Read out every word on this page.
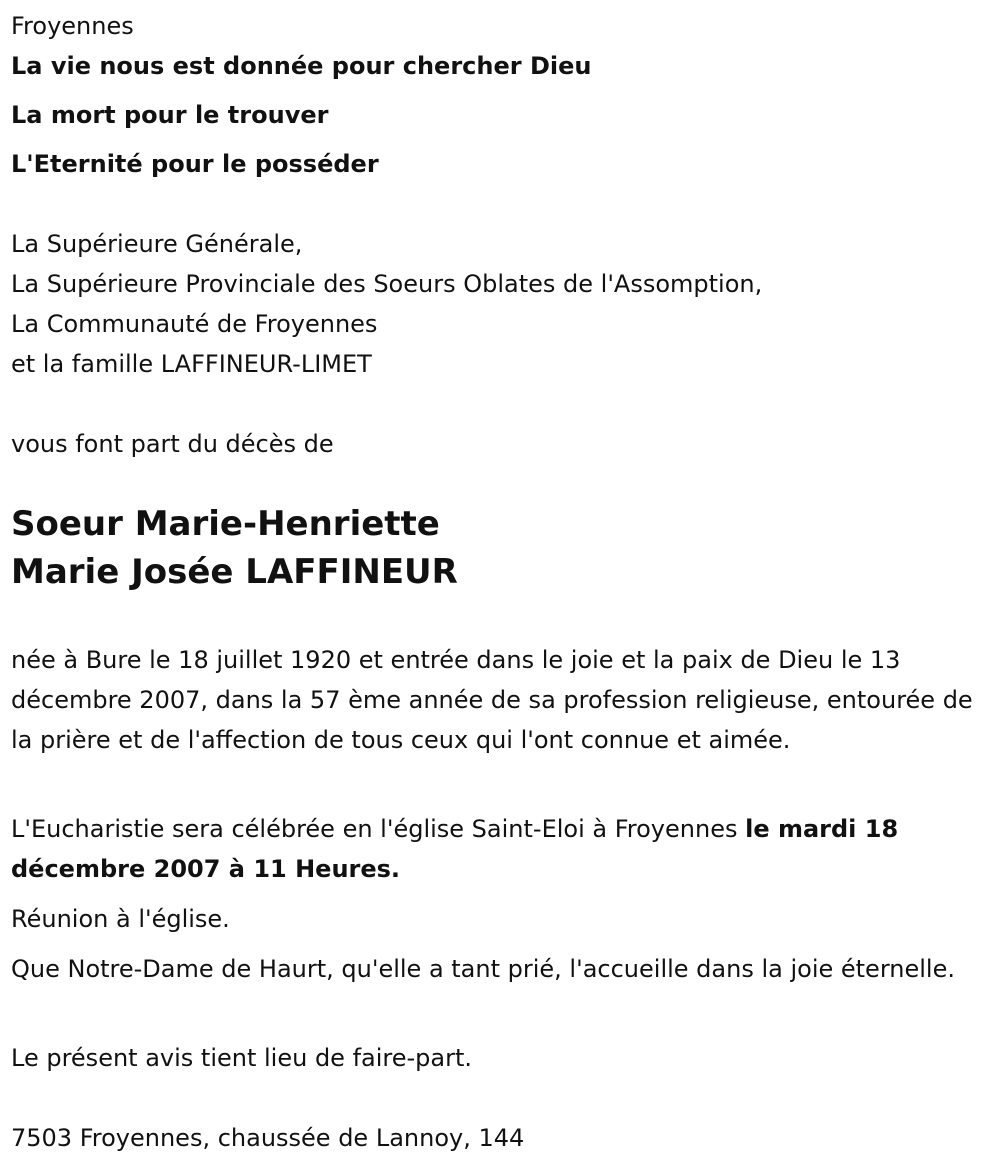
Froyennes

La vie nous est donnée pour chercher Dieu

La mort pour le trouver

L'Eternité pour le posséder

La Supérieure Générale,

La Supérieure Provinciale des Soeurs Oblates de l'Assomption,

La Communauté de Froyennes

et la famille LAFFINEUR-LIMET

vous font part du décès de

Soeur Marie-Henriette

Marie Josée LAFFINEUR

née à Bure le 18 juillet 1920 et entrée dans le joie et la paix de Dieu le 13 décembre 2007, dans la 57 ème année de sa profession religieuse, entourée de la prière et de l'affection de tous ceux qui l'ont connue et aimée.

L'Eucharistie sera célébrée en l'église Saint-Eloi à Froyennes le mardi 18 décembre 2007 à 11 Heures.

Réunion à l'église.

Que Notre-Dame de Haurt, qu'elle a tant prié, l'accueille dans la joie éternelle.

Le présent avis tient lieu de faire-part.

7503 Froyennes, chaussée de Lannoy, 144
